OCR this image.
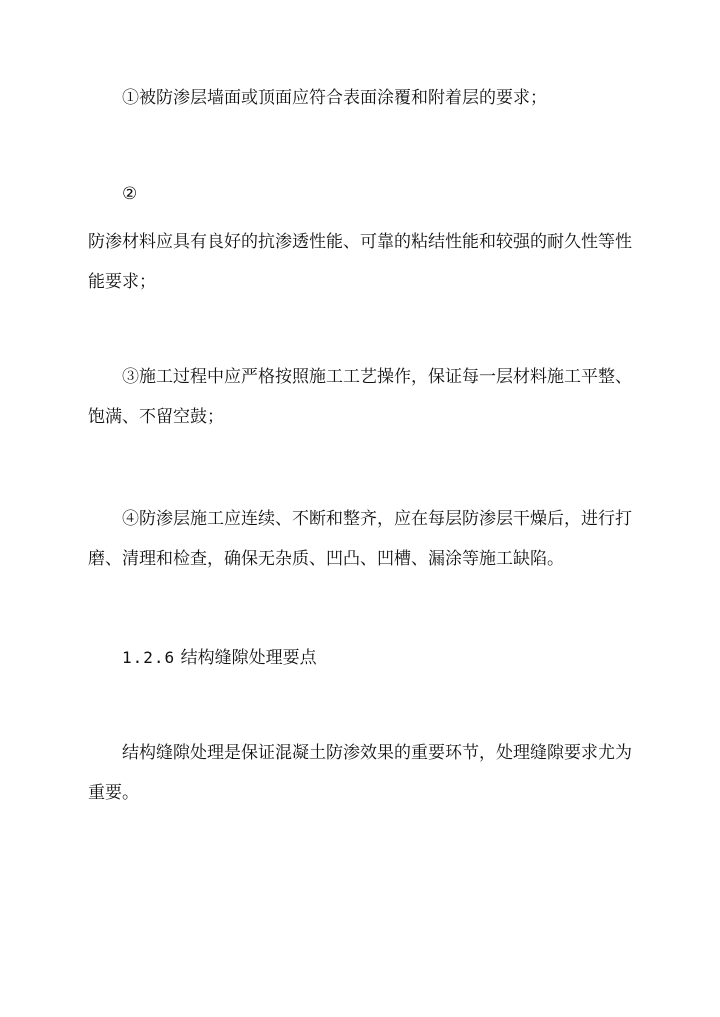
①被防渗层墙面或顶面应符合表面涂覆和附着层的要求；

②

防渗材料应具有良好的抗渗透性能、可靠的粘结性能和较强的耐久性等性
能要求；

③施工过程中应严格按照施工工艺操作，保证每一层材料施工平整、饱满、不留空鼓；

④防渗层施工应连续、不断和整齐，应在每层防渗层干燥后，进行打磨、清理和检查，确保无杂质、凹凸、凹槽、漏涂等施工缺陷。

1.2.6 结构缝隙处理要点

结构缝隙处理是保证混凝土防渗效果的重要环节，处理缝隙要求尤为重要。
